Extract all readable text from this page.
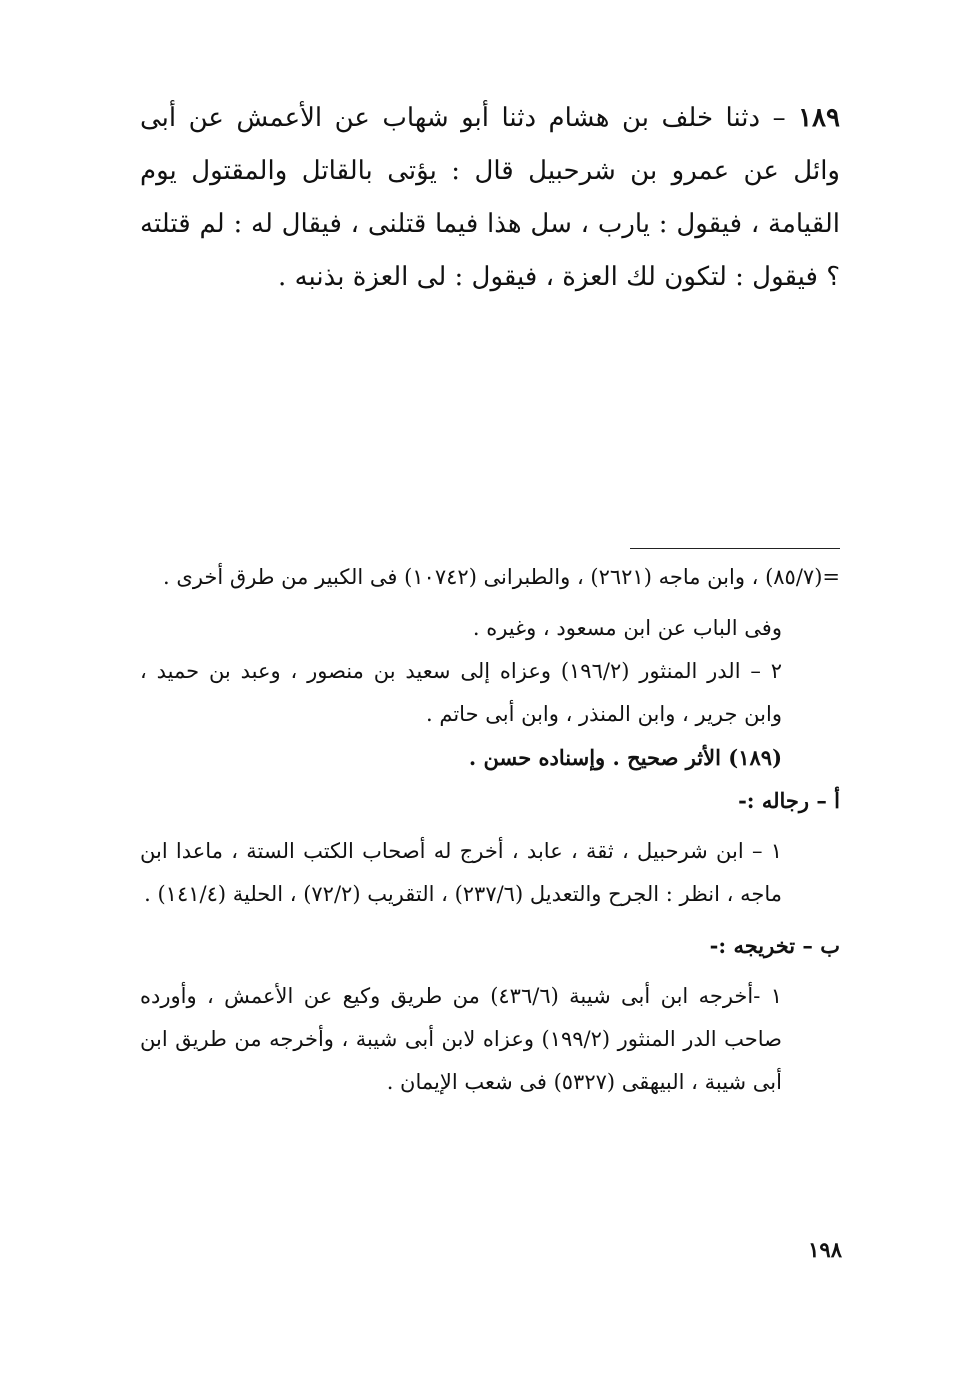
١٨٩ – دثنا خلف بن هشام دثنا أبو شهاب عن الأعمش عن أبى وائل عن عمرو بن شرحبيل قال : يؤتى بالقاتل والمقتول يوم القيامة ، فيقول : يارب ، سل هذا فيما قتلنى ، فيقال له : لم قتلته ؟ فيقول : لتكون لك العزة ، فيقول : لى العزة بذنبه .

=(٨٥/٧) ، وابن ماجه (٢٦٢١) ، والطبرانى (١٠٧٤٢) فى الكبير من طرق أخرى .

وفى الباب عن ابن مسعود ، وغيره .

٢ – الدر المنثور (١٩٦/٢) وعزاه إلى سعيد بن منصور ، وعبد بن حميد ، وابن جرير ، وابن المنذر ، وابن أبى حاتم .

(١٨٩) الأثر صحيح . وإسناده حسن .

أ – رجاله :-

١ – ابن شرحبيل ، ثقة ، عابد ، أخرج له أصحاب الكتب الستة ، ماعدا ابن ماجه ، انظر : الجرح والتعديل (٢٣٧/٦) ، التقريب (٧٢/٢) ، الحلية (١٤١/٤) .

ب – تخريجه :-

١ -أخرجه ابن أبى شيبة (٤٣٦/٦) من طريق وكيع عن الأعمش ، وأورده صاحب الدر المنثور (١٩٩/٢) وعزاه لابن أبى شيبة ، وأخرجه من طريق ابن أبى شيبة ، البيهقى (٥٣٢٧) فى شعب الإيمان .

١٩٨
